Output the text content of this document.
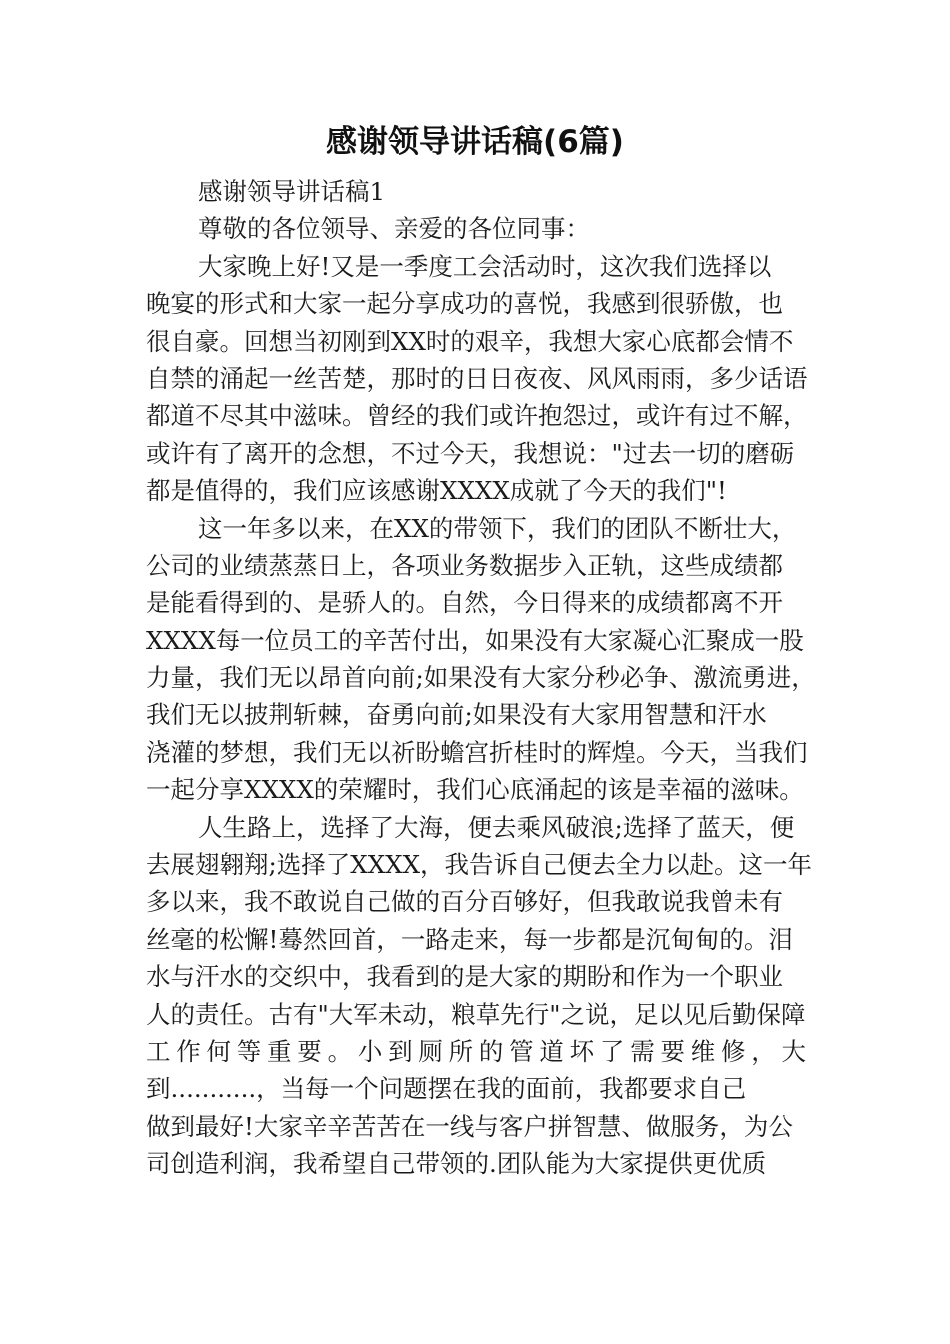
感谢领导讲话稿(6篇)
感谢领导讲话稿1
尊敬的各位领导、亲爱的各位同事：
大家晚上好!又是一季度工会活动时，这次我们选择以
晚宴的形式和大家一起分享成功的喜悦，我感到很骄傲，也
很自豪。回想当初刚到XX时的艰辛，我想大家心底都会情不
自禁的涌起一丝苦楚，那时的日日夜夜、风风雨雨，多少话语
都道不尽其中滋味。曾经的我们或许抱怨过，或许有过不解，
或许有了离开的念想，不过今天，我想说："过去一切的磨砺
都是值得的，我们应该感谢XXXX成就了今天的我们"!
这一年多以来，在XX的带领下，我们的团队不断壮大，
公司的业绩蒸蒸日上，各项业务数据步入正轨，这些成绩都
是能看得到的、是骄人的。自然，今日得来的成绩都离不开
XXXX每一位员工的辛苦付出，如果没有大家凝心汇聚成一股
力量，我们无以昂首向前;如果没有大家分秒必争、激流勇进，
我们无以披荆斩棘，奋勇向前;如果没有大家用智慧和汗水
浇灌的梦想，我们无以祈盼蟾宫折桂时的辉煌。今天，当我们
一起分享XXXX的荣耀时，我们心底涌起的该是幸福的滋味。
人生路上，选择了大海，便去乘风破浪;选择了蓝天，便
去展翅翱翔;选择了XXXX，我告诉自己便去全力以赴。这一年
多以来，我不敢说自己做的百分百够好，但我敢说我曾未有
丝毫的松懈!蓦然回首，一路走来，每一步都是沉甸甸的。泪
水与汗水的交织中，我看到的是大家的期盼和作为一个职业
人的责任。古有"大军未动，粮草先行"之说，足以见后勤保障
工作何等重要。小到厕所的管道坏了需要维修，大
到...........，当每一个问题摆在我的面前，我都要求自己
做到最好!大家辛辛苦苦在一线与客户拼智慧、做服务，为公
司创造利润，我希望自己带领的.团队能为大家提供更优质
